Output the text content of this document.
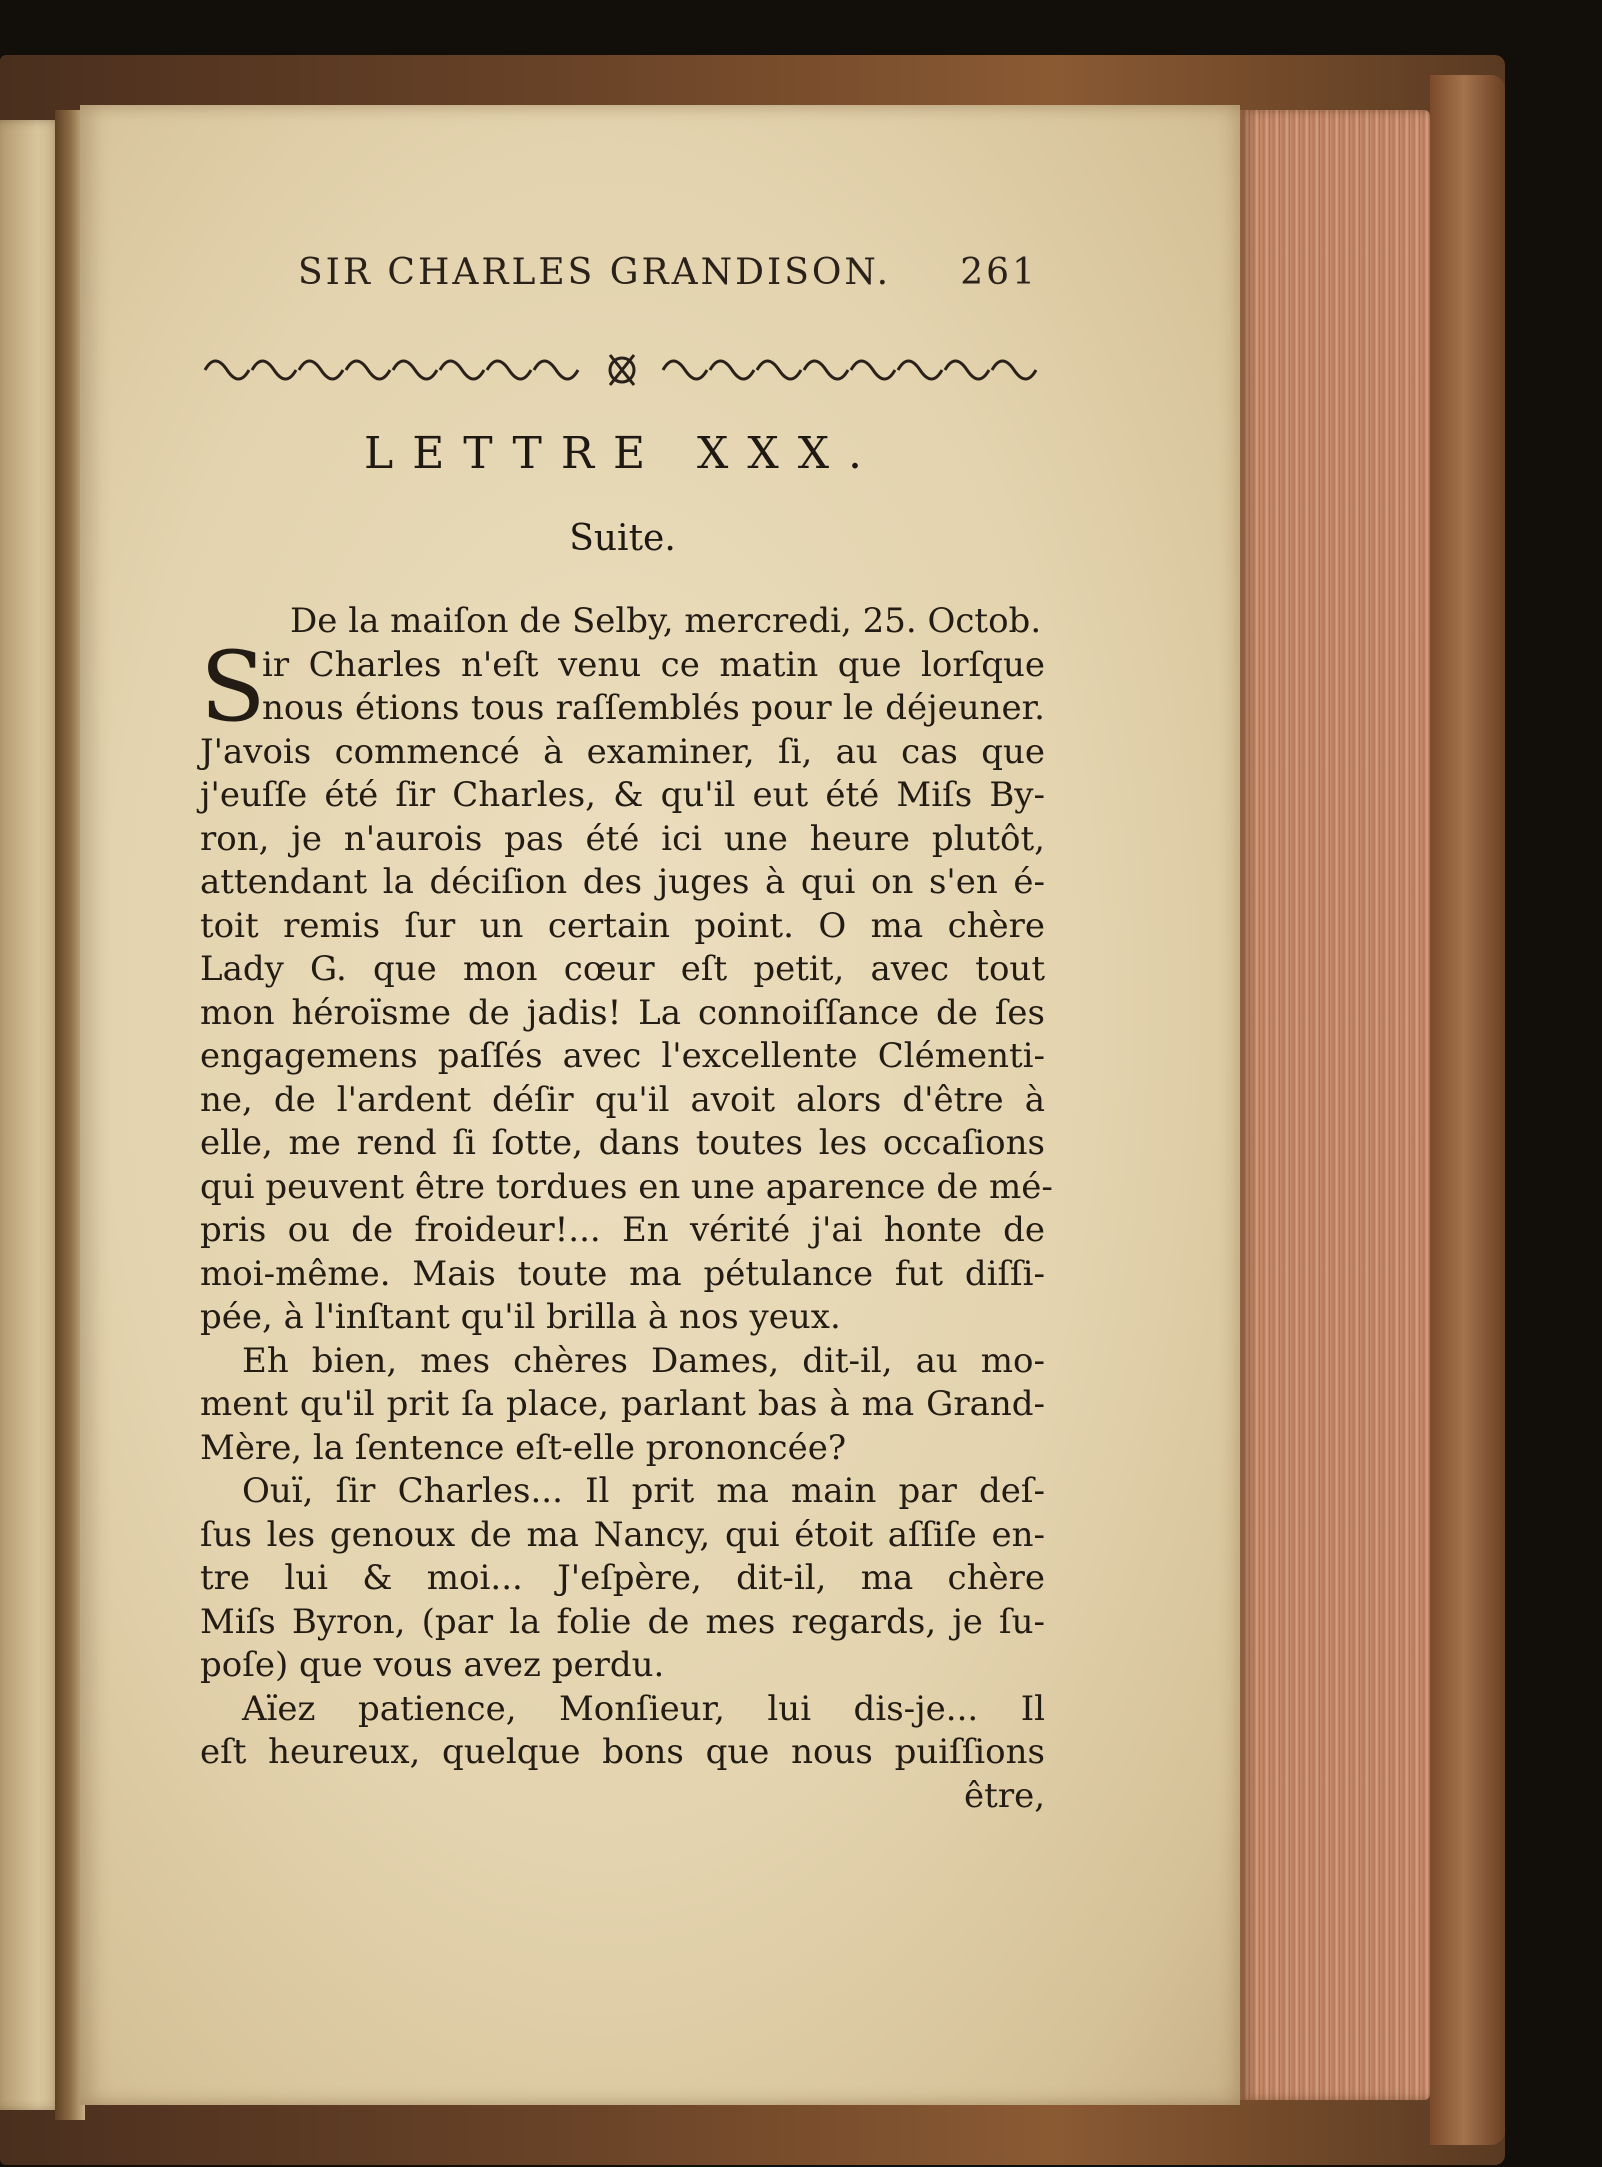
SIR CHARLES GRANDISON. 261
LETTRE XXX.
Suite.
De la maiſon de Selby, mercredi, 25. Octob.
S
ir Charles n'eſt venu ce matin que lorſque
nous étions tous raſſemblés pour le déjeuner.
J'avois commencé à examiner, ſi, au cas que
j'euſſe été ſir Charles, & qu'il eut été Miſs By-
ron, je n'aurois pas été ici une heure plutôt,
attendant la déciſion des juges à qui on s'en é-
toit remis ſur un certain point. O ma chère
Lady G. que mon cœur eſt petit, avec tout
mon héroïsme de jadis! La connoiſſance de ſes
engagemens paſſés avec l'excellente Clémenti-
ne, de l'ardent déſir qu'il avoit alors d'être à
elle, me rend ſi ſotte, dans toutes les occaſions
qui peuvent être tordues en une aparence de mé-
pris ou de froideur!... En vérité j'ai honte de
moi-même. Mais toute ma pétulance fut diſſi-
pée, à l'inſtant qu'il brilla à nos yeux.
Eh bien, mes chères Dames, dit-il, au mo-
ment qu'il prit ſa place, parlant bas à ma Grand-
Mère, la ſentence eſt-elle prononcée?
Ouï, ſir Charles... Il prit ma main par deſ-
ſus les genoux de ma Nancy, qui étoit aſſiſe en-
tre lui & moi... J'eſpère, dit-il, ma chère
Miſs Byron, (par la folie de mes regards, je ſu-
poſe) que vous avez perdu.
Aïez patience, Monſieur, lui dis-je... Il
eſt heureux, quelque bons que nous puiſſions
être,
